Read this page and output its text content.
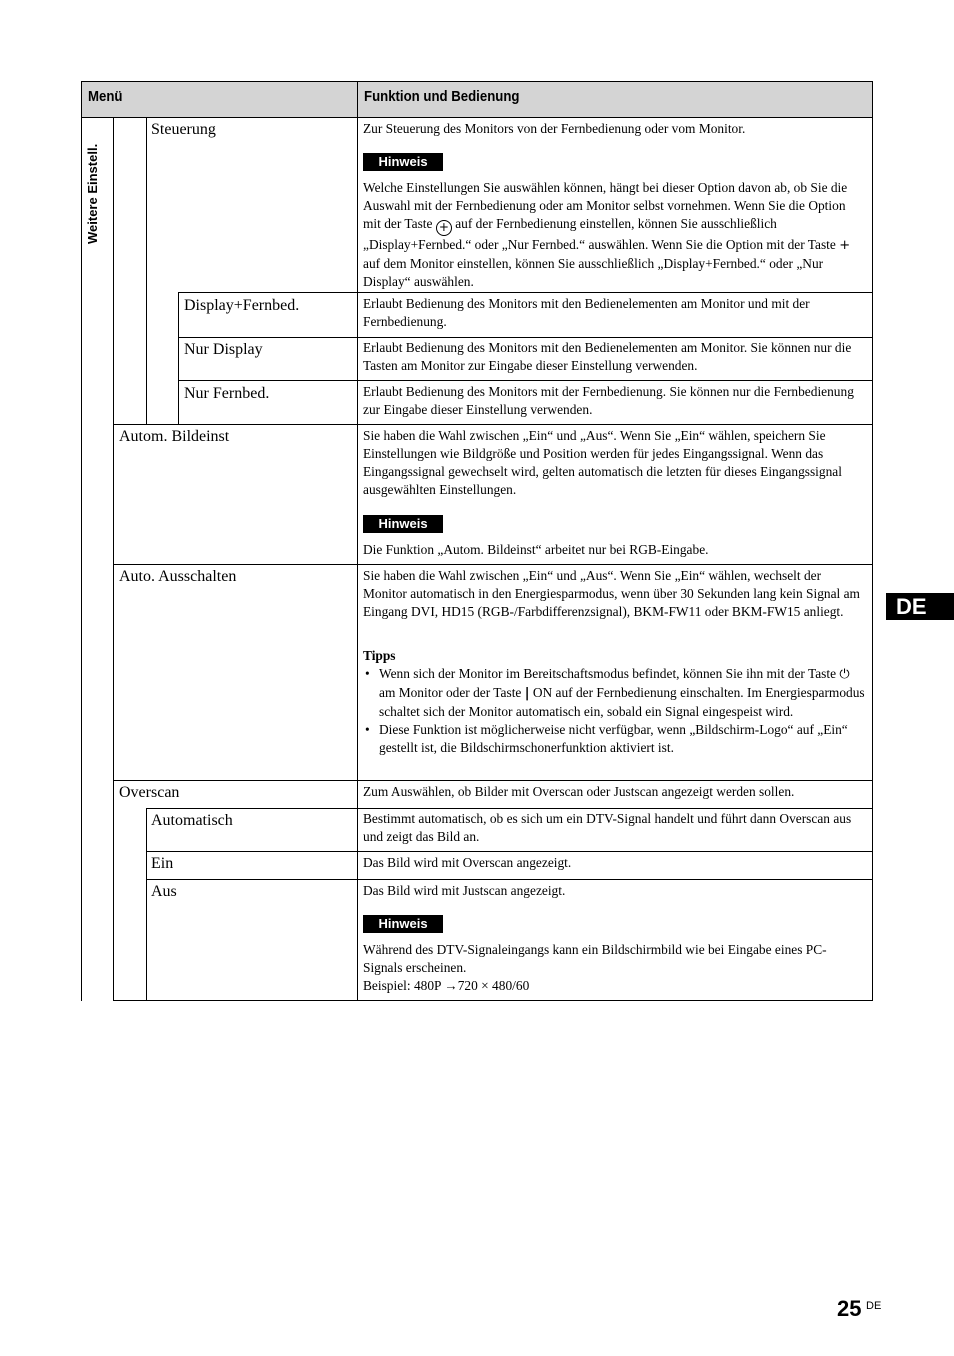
Menü	Funktion und Bedienung
Weitere Einstell.
Steuerung
Display+Fernbed.
Nur Display
Nur Fernbed.
Autom. Bildeinst
Auto. Ausschalten
Overscan
Automatisch
Ein
Aus
Zur Steuerung des Monitors von der Fernbedienung oder vom Monitor.
Hinweis
Welche Einstellungen Sie auswählen können, hängt bei dieser Option davon ab, ob Sie die Auswahl mit der Fernbedienung oder am Monitor selbst vornehmen. Wenn Sie die Option mit der Taste + auf der Fernbedienung einstellen, können Sie ausschließlich „Display+Fernbed.“ oder „Nur Fernbed.“ auswählen. Wenn Sie die Option mit der Taste + auf dem Monitor einstellen, können Sie ausschließlich „Display+Fernbed.“ oder „Nur Display“ auswählen.
Erlaubt Bedienung des Monitors mit den Bedienelementen am Monitor und mit der Fernbedienung.
Erlaubt Bedienung des Monitors mit den Bedienelementen am Monitor. Sie können nur die Tasten am Monitor zur Eingabe dieser Einstellung verwenden.
Erlaubt Bedienung des Monitors mit der Fernbedienung. Sie können nur die Fernbedienung zur Eingabe dieser Einstellung verwenden.
Sie haben die Wahl zwischen „Ein“ und „Aus“. Wenn Sie „Ein“ wählen, speichern Sie Einstellungen wie Bildgröße und Position werden für jedes Eingangssignal. Wenn das Eingangssignal gewechselt wird, gelten automatisch die letzten für dieses Eingangssignal ausgewählten Einstellungen.
Hinweis
Die Funktion „Autom. Bildeinst“ arbeitet nur bei RGB-Eingabe.
Sie haben die Wahl zwischen „Ein“ und „Aus“. Wenn Sie „Ein“ wählen, wechselt der Monitor automatisch in den Energiesparmodus, wenn über 30 Sekunden lang kein Signal am Eingang DVI, HD15 (RGB-/Farbdifferenzsignal), BKM-FW11 oder BKM-FW15 anliegt.

Tipps

• Wenn sich der Monitor im Bereitschaftsmodus befindet, können Sie ihn mit der Taste ⏻ am Monitor oder der Taste | ON auf der Fernbedienung einschalten. Im Energiesparmodus schaltet sich der Monitor automatisch ein, sobald ein Signal eingespeist wird.
• Diese Funktion ist möglicherweise nicht verfügbar, wenn „Bildschirm-Logo“ auf „Ein“ gestellt ist, die Bildschirmschonerfunktion aktiviert ist.
Zum Auswählen, ob Bilder mit Overscan oder Justscan angezeigt werden sollen.
Bestimmt automatisch, ob es sich um ein DTV-Signal handelt und führt dann Overscan aus und zeigt das Bild an.
Das Bild wird mit Overscan angezeigt.
Das Bild wird mit Justscan angezeigt.
Hinweis

Während des DTV-Signaleingangs kann ein Bildschirmbild wie bei Eingabe eines PC-Signals erscheinen.

Beispiel: 480P →720 × 480/60

DE
25 DE
